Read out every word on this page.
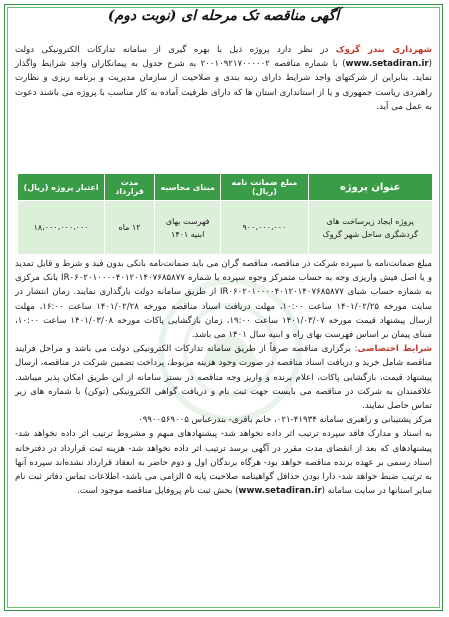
آگهی مناقصه تک مرحله ای (نوبت دوم)
شهرداری بندر گرو‌ک در نظر دارد پروژه ذیل با بهره گیری از سامانه تدارکات الکترونیکی دولت (www.setadiran.ir) با شماره مناقصه ۲۰۰۱۰۹۲۱۷۰۰۰۰۰۲ به شرح جدول به پیمانکاران واجد شرایط واگذار نماید. بنابراین از شرکتهای واجد شرایط دارای رتبه بندی و صلاحیت از سازمان مدیریت و برنامه ریزی و نظارت راهبردی ریاست جمهوری و یا از استانداری استان ها که دارای ظرفیت آماده به کار مناسب با پروژه می باشند دعوت به عمل می آید.
عنوان پروژه	مبلغ ضمانت نامه (ریال)	مبنای محاسبه	مدت قرارداد	اعتبار پروژه (ریال)
پروژه ایجاد زیرساخت های گردشگری ساحل شهر گرو‌ک	۹۰۰،۰۰۰،۰۰۰	فهرست بهای ابنیه ۱۴۰۱	۱۲ ماه	۱۸،۰۰۰،۰۰۰،۰۰۰

مبلغ ضمانت‌نامه یا سپرده شرکت در مناقصه، مناقصه گران می باید ضمانت‌نامه بانکی بدون قید و شرط و قابل تمدید و یا اصل فیش واریزی وجه به حساب متمرکز وجوه سپرده با شماره IR۰۶۰۲۰۱۰۰۰۰۴۰۱۲۰۱۴۰۷۶۸۵۸۷۷ بانک مرکزی به شماره حساب شبای IR۰۶۰۲۰۱۰۰۰۰۴۰۱۲۰۱۴۰۷۶۸۵۸۷۷ از طریق سامانه دولت بارگذاری نمایند. زمان انتشار در سایت مورخه ۱۴۰۱/۰۲/۲۵ ساعت ۱۰:۰۰، مهلت دریافت اسناد مناقصه مورخه ۱۴۰۱/۰۲/۲۸ ساعت ۱۶:۰۰، مهلت ارسال پیشنهاد قیمت مورخه ۱۴۰۱/۰۳/۰۷ ساعت ۱۹:۰۰، زمان بازگشایی پاکات مورخه ۱۴۰۱/۰۳/۰۸ ساعت ۱۰:۰۰، مبنای پیمان بر اساس فهرست بهای راه و ابنیه سال ۱۴۰۱ می باشد.

شرایط اختصاصی: برگزاری مناقصه صرفاً از طریق سامانه تدارکات الکترونیکی دولت می باشد و مراحل فرایند مناقصه شامل خرید و دریافت اسناد مناقصه در صورت وجود هزینه مربوط، پرداخت تضمین شرکت در مناقصه، ارسال پیشنهاد قیمت، بازگشایی پاکات، اعلام برنده و واریز وجه مناقصه در بستر سامانه از این طریق امکان پذیر میباشد. علاقمندان به شرکت در مناقصه می بایست جهت ثبت نام و دریافت گواهی الکترونیکی (توکن) با شماره های زیر تماس حاصل نمایند.

مرکز پشتیبانی و راهبری سامانه ۴۱۹۳۴-۰۲۱، خانم باقری- بندرعباس ۰۹۹۰۰۵۶۹۰۰۵

به اسناد و مدارک فاقد سپرده ترتیب اثر داده نخواهد شد- پیشنهادهای مبهم و مشروط ترتیب اثر داده نخواهد شد- پیشنهادهای که بعد از انقضای مدت مقرر در آگهی برسد ترتیب اثر داده نخواهد شد- هزینه ثبت قرارداد در دفترخانه اسناد رسمی بر عهده برنده مناقصه خواهد بود- هرگاه برندگان اول و دوم حاضر به انعقاد قرارداد نشده‌اند سپرده آنها به ترتیب ضبط خواهد شد- دارا بودن حداقل گواهینامه صلاحیت پایه ۵ الزامی می باشد- اطلاعات تماس دفاتر ثبت نام سایر استانها در سایت سامانه (www.setadiran.ir) بخش ثبت نام پروفایل مناقصه موجود است.
